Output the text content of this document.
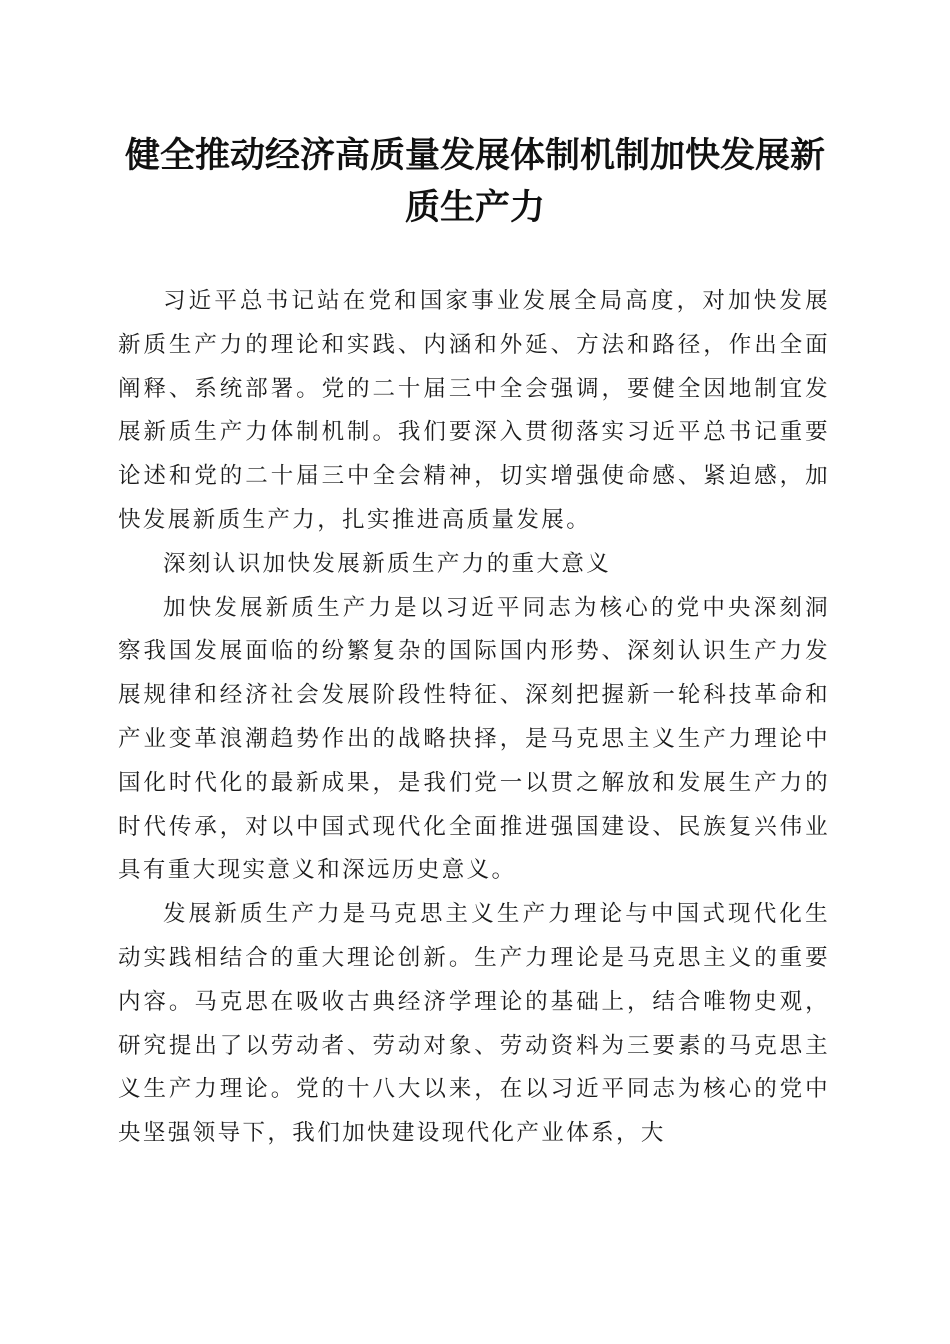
健全推动经济高质量发展体制机制加快发展新质生产力

习近平总书记站在党和国家事业发展全局高度，对加快发展新质生产力的理论和实践、内涵和外延、方法和路径，作出全面阐释、系统部署。党的二十届三中全会强调，要健全因地制宜发展新质生产力体制机制。我们要深入贯彻落实习近平总书记重要论述和党的二十届三中全会精神，切实增强使命感、紧迫感，加快发展新质生产力，扎实推进高质量发展。

深刻认识加快发展新质生产力的重大意义

加快发展新质生产力是以习近平同志为核心的党中央深刻洞察我国发展面临的纷繁复杂的国际国内形势、深刻认识生产力发展规律和经济社会发展阶段性特征、深刻把握新一轮科技革命和产业变革浪潮趋势作出的战略抉择，是马克思主义生产力理论中国化时代化的最新成果，是我们党一以贯之解放和发展生产力的时代传承，对以中国式现代化全面推进强国建设、民族复兴伟业具有重大现实意义和深远历史意义。

发展新质生产力是马克思主义生产力理论与中国式现代化生动实践相结合的重大理论创新。生产力理论是马克思主义的重要内容。马克思在吸收古典经济学理论的基础上，结合唯物史观，研究提出了以劳动者、劳动对象、劳动资料为三要素的马克思主义生产力理论。党的十八大以来，在以习近平同志为核心的党中央坚强领导下，我们加快建设现代化产业体系，大
